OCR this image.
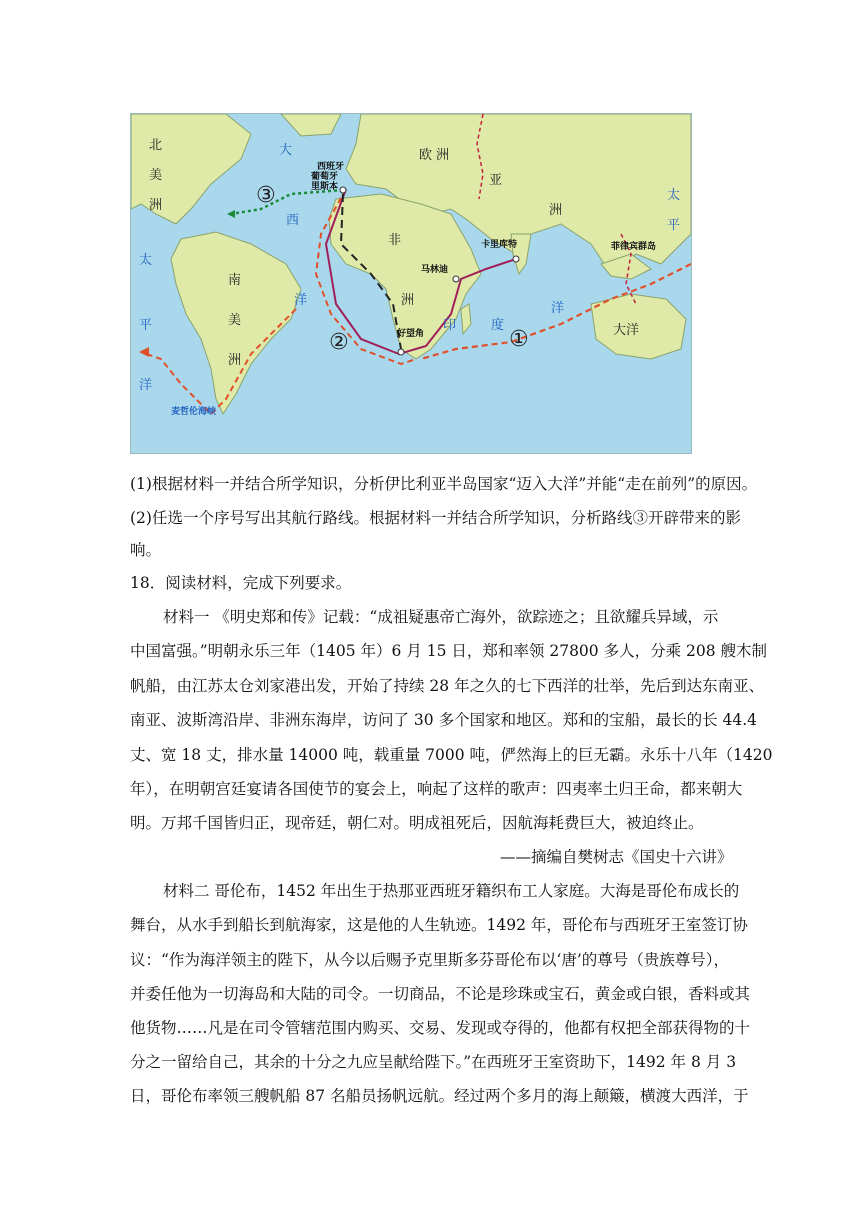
北
美
洲
南
美
洲
欧 洲
非
洲
亚
洲
大洋
大
西
洋
印	度
洋
太
平
洋
太
平
西班牙
葡萄牙
里斯本
卡里库特
马林迪
好望角
菲律宾群岛
麦哲伦海峡
①
②
③
(1)根据材料一并结合所学知识，分析伊比利亚半岛国家“迈入大洋”并能“走在前列”的原因。
(2)任选一个序号写出其航行路线。根据材料一并结合所学知识，分析路线③开辟带来的影
响。
18．阅读材料，完成下列要求。
材料一 《明史郑和传》记载：“成祖疑惠帝亡海外，欲踪迹之；且欲耀兵异域，示
中国富强。”明朝永乐三年（1405 年）6 月 15 日，郑和率领 27800 多人，分乘 208 艘木制
帆船，由江苏太仓刘家港出发，开始了持续 28 年之久的七下西洋的壮举，先后到达东南亚、
南亚、波斯湾沿岸、非洲东海岸，访问了 30 多个国家和地区。郑和的宝船，最长的长 44.4
丈、宽 18 丈，排水量 14000 吨，载重量 7000 吨，俨然海上的巨无霸。永乐十八年（1420
年），在明朝宫廷宴请各国使节的宴会上，响起了这样的歌声：四夷率土归王命，都来朝大
明。万邦千国皆归正，现帝廷，朝仁对。明成祖死后，因航海耗费巨大，被迫终止。
——摘编自樊树志《国史十六讲》
材料二 哥伦布，1452 年出生于热那亚西班牙籍织布工人家庭。大海是哥伦布成长的
舞台，从水手到船长到航海家，这是他的人生轨迹。1492 年，哥伦布与西班牙王室签订协
议：“作为海洋领主的陛下，从今以后赐予克里斯多芬哥伦布以‘唐’的尊号（贵族尊号），
并委任他为一切海岛和大陆的司令。一切商品，不论是珍珠或宝石，黄金或白银，香料或其
他货物……凡是在司令管辖范围内购买、交易、发现或夺得的，他都有权把全部获得物的十
分之一留给自己，其余的十分之九应呈献给陛下。”在西班牙王室资助下，1492 年 8 月 3
日，哥伦布率领三艘帆船 87 名船员扬帆远航。经过两个多月的海上颠簸，横渡大西洋，于
